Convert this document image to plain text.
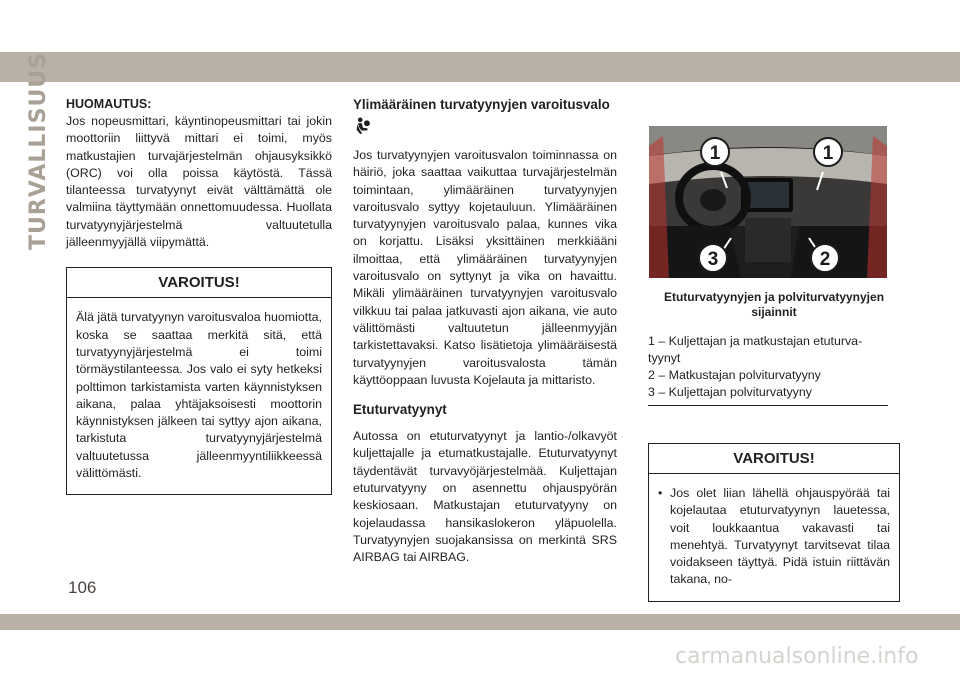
TURVALLISUUS HUOMAUTUS:

Jos nopeusmittari, käyntinopeusmittari tai jokin moottoriin liittyvä mittari ei toimi, myös matkustajien turvajärjestelmän ohjausyksikkö (ORC) voi olla poissa käytöstä. Tässä tilanteessa turvatyynyt eivät välttämättä ole valmiina täyttymään onnettomuudessa. Huollata turvatyynyjärjestelmä valtuutetulla jälleenmyyjällä viipymättä.

VAROITUS!

Älä jätä turvatyynyn varoitusvaloa huomiotta, koska se saattaa merkitä sitä, että turvatyynyjärjestelmä ei toimi törmäystilanteessa. Jos valo ei syty hetkeksi polttimon tarkistamista varten käynnistyksen aikana, palaa yhtäjaksoisesti moottorin käynnistyksen jälkeen tai syttyy ajon aikana, tarkistuta turvatyynyjärjestelmä valtuutetussa jälleenmyyntiliikkeessä välittömästi.

Ylimääräinen turvatyynyjen varoitusvalo

Jos turvatyynyjen varoitusvalon toiminnassa on häiriö, joka saattaa vaikuttaa turvajärjestelmän toimintaan, ylimääräinen turvatyynyjen varoitusvalo syttyy kojetauluun. Ylimääräinen turvatyynyjen varoitusvalo palaa, kunnes vika on korjattu. Lisäksi yksittäinen merkkiääni ilmoittaa, että ylimääräinen turvatyynyjen varoitusvalo on syttynyt ja vika on havaittu. Mikäli ylimääräinen turvatyynyjen varoitusvalo vilkkuu tai palaa jatkuvasti ajon aikana, vie auto välittömästi valtuutetun jälleenmyyjän tarkistettavaksi. Katso lisätietoja ylimääräisestä turvatyynyjen varoitusvalosta tämän käyttöoppaan luvusta Kojelauta ja mittaristo.

Etuturvatyynyt

Autossa on etuturvatyynyt ja lantio-/olkavyöt kuljettajalle ja etumatkustajalle. Etuturvatyynyt täydentävät turvavyöjärjestelmää. Kuljettajan etuturvatyyny on asennettu ohjauspyörän keskiosaan. Matkustajan etuturvatyyny on kojelaudassa hansikaslokeron yläpuolella. Turvatyynyjen suojakansissa on merkintä SRS AIRBAG tai AIRBAG.

1	1
3	2
Etuturvatyynyjen ja polviturvatyynyjen sijainnit
1 – Kuljettajan ja matkustajan etuturvatyynyt
2 – Matkustajan polviturvatyyny
3 – Kuljettajan polviturvatyyny
VAROITUS!
• Jos olet liian lähellä ohjauspyörää tai kojelautaa etuturvatyynyn lauetessa, voit loukkaantua vakavasti tai menehtyä. Turvatyynyt tarvitsevat tilaa voidakseen täyttyä. Pidä istuin riittävän takana, no-
106
carmanualsonline.info
